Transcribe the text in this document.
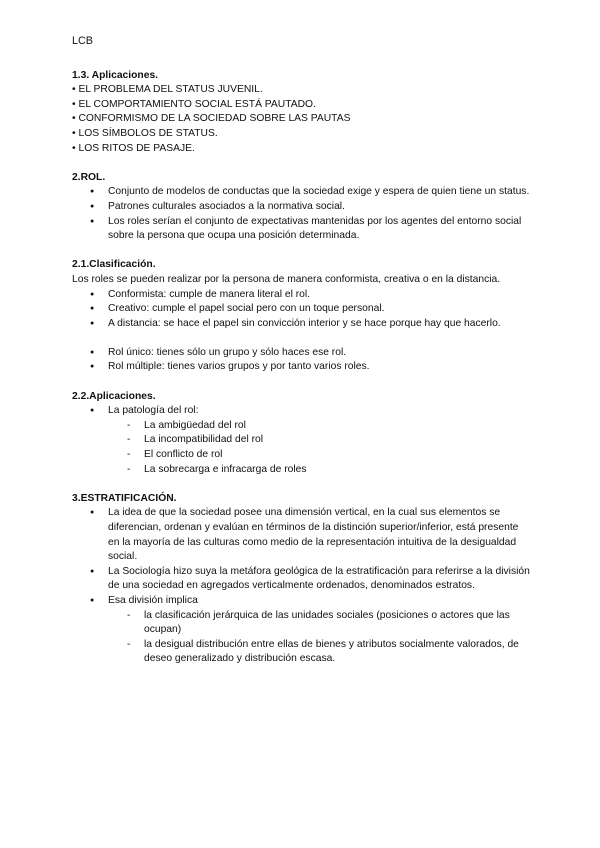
LCB
1.3. Aplicaciones.
• EL PROBLEMA DEL STATUS JUVENIL.
• EL COMPORTAMIENTO SOCIAL ESTÁ PAUTADO.
• CONFORMISMO DE LA SOCIEDAD SOBRE LAS PAUTAS
• LOS SÍMBOLOS DE STATUS.
• LOS RITOS DE PASAJE.
2.ROL.
● Conjunto de modelos de conductas que la sociedad exige y espera de quien tiene un status.
● Patrones culturales asociados a la normativa social.
● Los roles serían el conjunto de expectativas mantenidas por los agentes del entorno social sobre la persona que ocupa una posición determinada.
2.1.Clasificación.

Los roles se pueden realizar por la persona de manera conformista, creativa o en la distancia.

● Conformista: cumple de manera literal el rol.
● Creativo: cumple el papel social pero con un toque personal.
● A distancia: se hace el papel sin convicción interior y se hace porque hay que hacerlo.
● Rol único: tienes sólo un grupo y sólo haces ese rol.
● Rol múltiple: tienes varios grupos y por tanto varios roles.
2.2.Aplicaciones.
● La patología del rol:
- La ambigüedad del rol
- La incompatibilidad del rol
- El conflicto de rol
- La sobrecarga e infracarga de roles
3.ESTRATIFICACIÓN.
● La idea de que la sociedad posee una dimensión vertical, en la cual sus elementos se diferencian, ordenan y evalúan en términos de la distinción superior/inferior, está presente en la mayoría de las culturas como medio de la representación intuitiva de la desigualdad social.
● La Sociología hizo suya la metáfora geológica de la estratificación para referirse a la división de una sociedad en agregados verticalmente ordenados, denominados estratos.
● Esa división implica
- la clasificación jerárquica de las unidades sociales (posiciones o actores que las ocupan)
- la desigual distribución entre ellas de bienes y atributos socialmente valorados, de deseo generalizado y distribución escasa.
